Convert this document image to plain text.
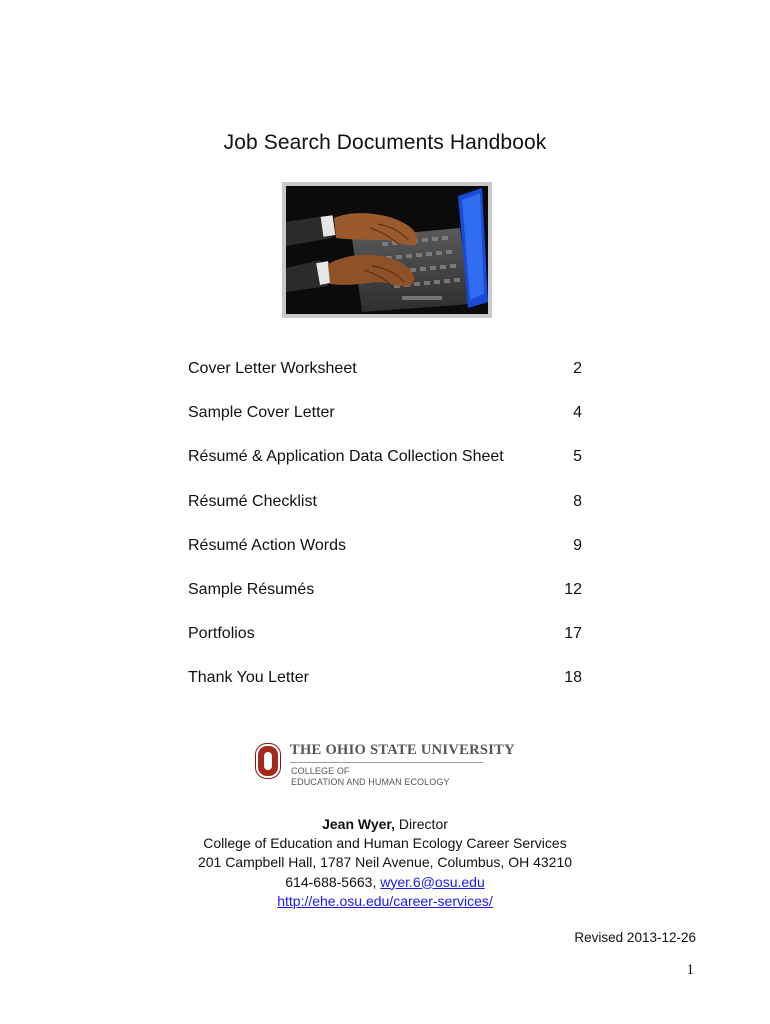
Job Search Documents Handbook
Cover Letter Worksheet	2
Sample Cover Letter	4
Résumé & Application Data Collection Sheet	5
Résumé Checklist	8
Résumé Action Words	9
Sample Résumés	12
Portfolios	17
Thank You Letter	18
THE OHIO STATE UNIVERSITY
COLLEGE OF
EDUCATION AND HUMAN ECOLOGY
Jean Wyer, Director
College of Education and Human Ecology Career Services
201 Campbell Hall, 1787 Neil Avenue, Columbus, OH 43210
614-688-5663, wyer.6@osu.edu
http://ehe.osu.edu/career-services/
Revised 2013-12-26
1
